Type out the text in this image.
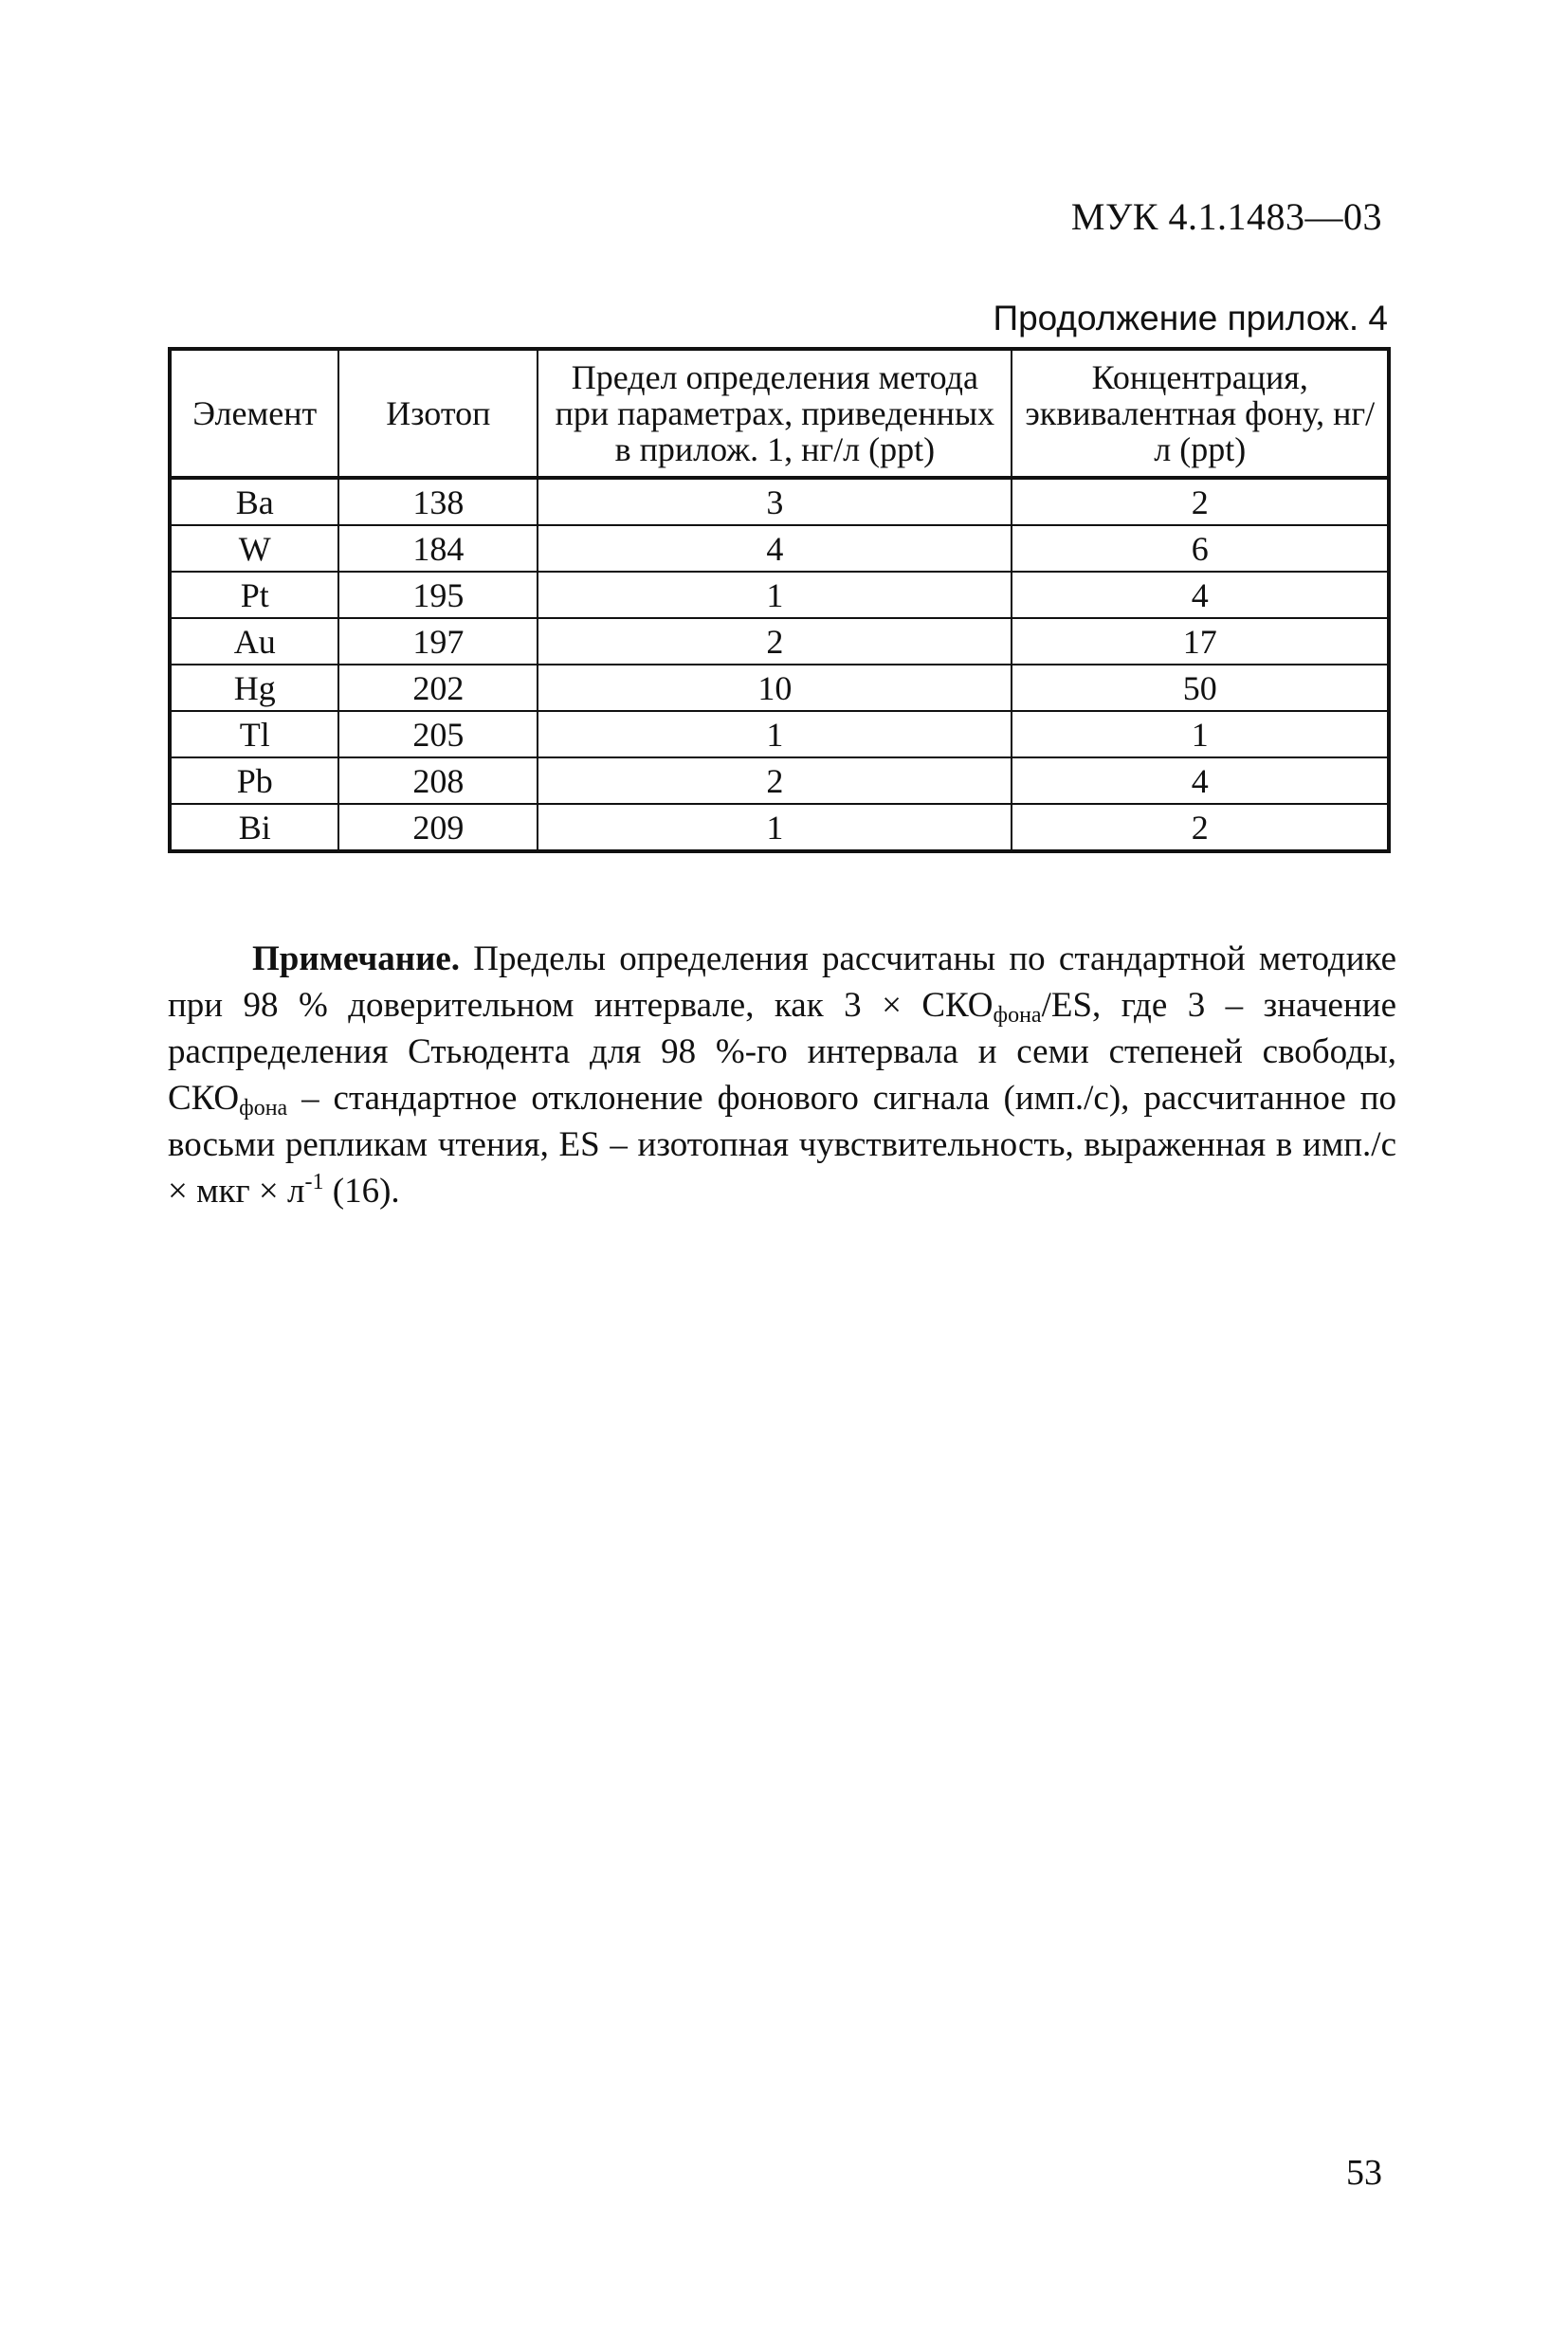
МУК 4.1.1483—03
Продолжение прилож. 4
Элемент	Изотоп	Предел определения метода при параметрах, приведенных в прилож. 1, нг/л (ppt)	Концентрация, эквивалентная фону, нг/л (ppt)
Ba	138	3	2
W	184	4	6
Pt	195	1	4
Au	197	2	17
Hg	202	10	50
Tl	205	1	1
Pb	208	2	4
Bi	209	1	2

Примечание. Пределы определения рассчитаны по стандартной методике при 98 % доверительном интервале, как $3 \times СКО_{фона}/ES$, где 3 – значение распределения Стьюдента для 98 %-го интервала и семи степеней свободы, $СКО_{фона}$ – стандартное отклонение фонового сигнала (имп./с), рассчитанное по восьми репликам чтения, ES – изотопная чувствительность, выраженная в имп./с × мкг × $л^{-1}$ (16).

53
